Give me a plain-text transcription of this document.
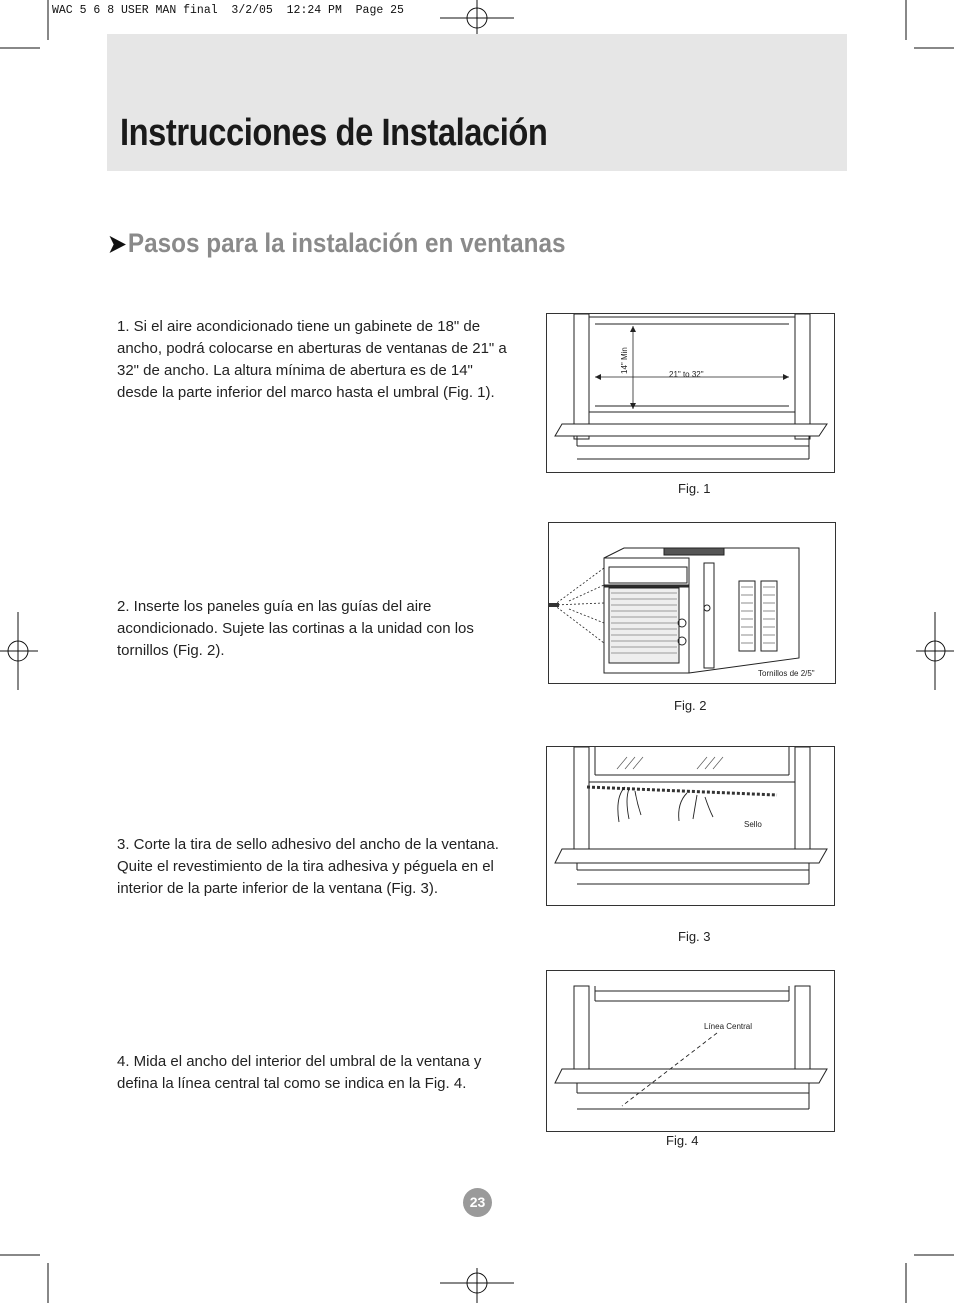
WAC 5 6 8 USER MAN final  3/2/05  12:24 PM  Page 25
Instrucciones de Instalación
➤Pasos para la instalación en ventanas
1. Si el aire acondicionado tiene un gabinete de 18" de ancho, podrá colocarse en aberturas de ventanas de 21" a 32" de ancho. La altura mínima de abertura es de 14" desde la parte inferior del marco hasta el umbral (Fig. 1).
2. Inserte los paneles guía en las guías del aire acondicionado. Sujete las cortinas a la unidad con los tornillos (Fig. 2).
3. Corte la tira de sello adhesivo del ancho de la ventana. Quite el revestimiento de la tira adhesiva y péguela en el interior de la parte inferior de la ventana (Fig. 3).
4. Mida el ancho del interior del umbral de la ventana y defina la línea central tal como se indica en la Fig. 4.
14" Min
21" to 32"
Fig. 1
Tornillos de 2/5"
Fig. 2
Sello
Fig. 3
Línea Central
Fig. 4
23
